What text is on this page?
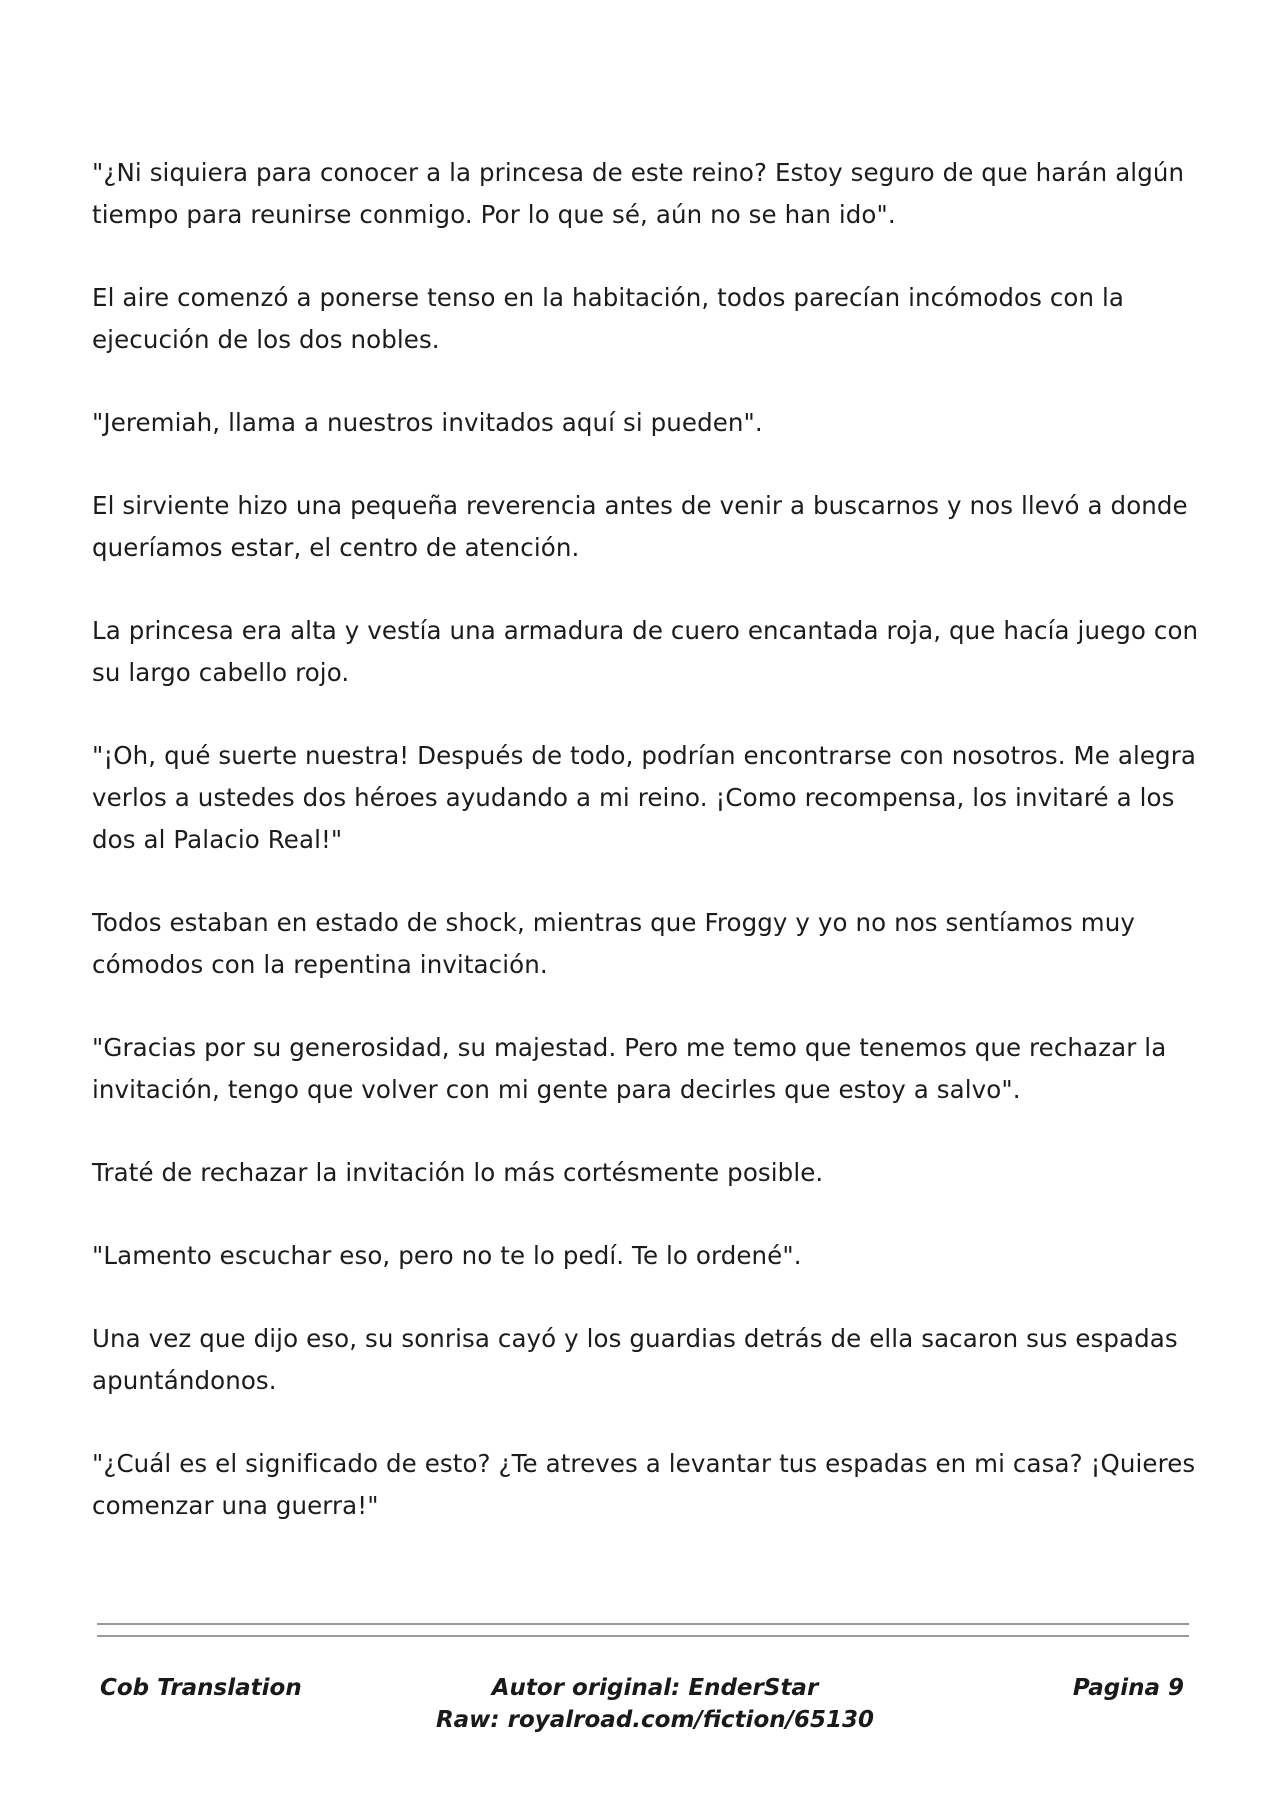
"¿Ni siquiera para conocer a la princesa de este reino? Estoy seguro de que harán algún tiempo para reunirse conmigo. Por lo que sé, aún no se han ido".

El aire comenzó a ponerse tenso en la habitación, todos parecían incómodos con la ejecución de los dos nobles.

"Jeremiah, llama a nuestros invitados aquí si pueden".

El sirviente hizo una pequeña reverencia antes de venir a buscarnos y nos llevó a donde queríamos estar, el centro de atención.

La princesa era alta y vestía una armadura de cuero encantada roja, que hacía juego con su largo cabello rojo.

"¡Oh, qué suerte nuestra! Después de todo, podrían encontrarse con nosotros. Me alegra verlos a ustedes dos héroes ayudando a mi reino. ¡Como recompensa, los invitaré a los dos al Palacio Real!"

Todos estaban en estado de shock, mientras que Froggy y yo no nos sentíamos muy cómodos con la repentina invitación.

"Gracias por su generosidad, su majestad. Pero me temo que tenemos que rechazar la invitación, tengo que volver con mi gente para decirles que estoy a salvo".

Traté de rechazar la invitación lo más cortésmente posible.

"Lamento escuchar eso, pero no te lo pedí. Te lo ordené".

Una vez que dijo eso, su sonrisa cayó y los guardias detrás de ella sacaron sus espadas apuntándonos.

"¿Cuál es el significado de esto? ¿Te atreves a levantar tus espadas en mi casa? ¡Quieres comenzar una guerra!"

Cob Translation	Autor original: EnderStar
Raw: royalroad.com/fiction/65130
Pagina 9
